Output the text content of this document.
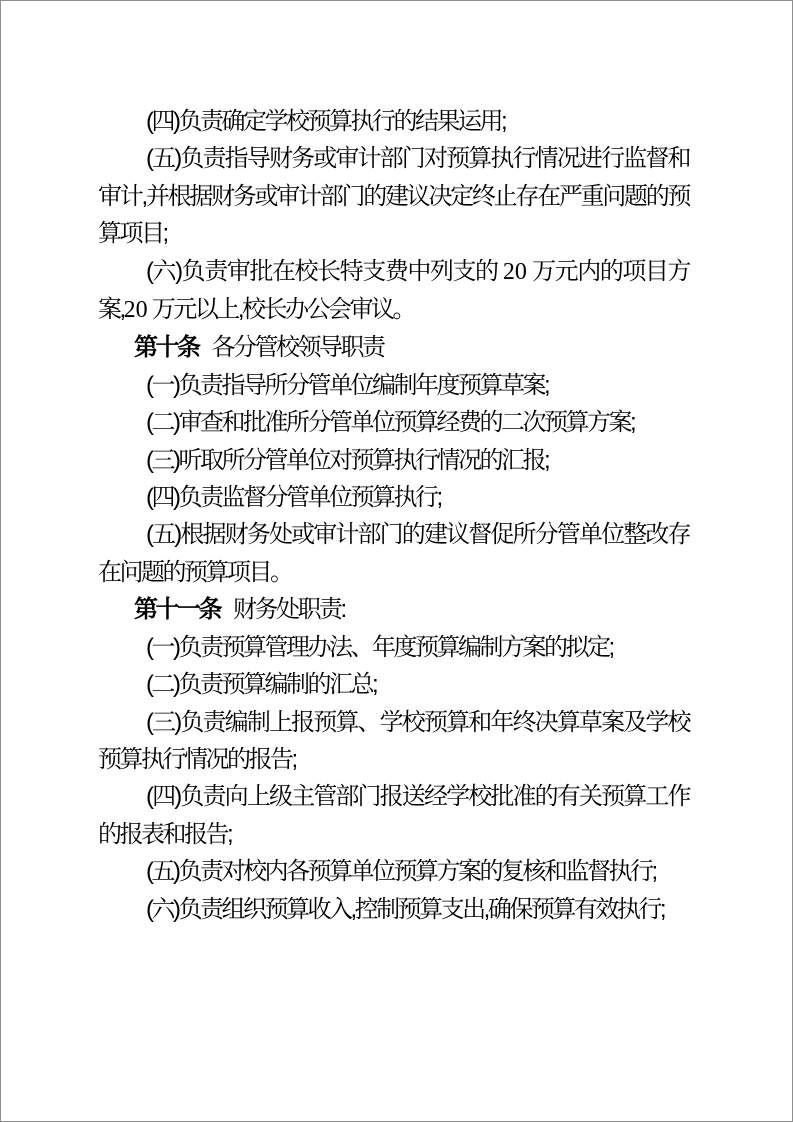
(四)负责确定学校预算执行的结果运用;

(五)负责指导财务或审计部门对预算执行情况进行监督和审计,并根据财务或审计部门的建议决定终止存在严重问题的预算项目;

(六)负责审批在校长特支费中列支的 20 万元内的项目方案,20 万元以上,校长办公会审议。

第十条 各分管校领导职责

(一)负责指导所分管单位编制年度预算草案;

(二)审查和批准所分管单位预算经费的二次预算方案;

(三)听取所分管单位对预算执行情况的汇报;

(四)负责监督分管单位预算执行;

(五)根据财务处或审计部门的建议督促所分管单位整改存在问题的预算项目。

第十一条 财务处职责:

(一)负责预算管理办法、年度预算编制方案的拟定;

(二)负责预算编制的汇总;

(三)负责编制上报预算、学校预算和年终决算草案及学校预算执行情况的报告;

(四)负责向上级主管部门报送经学校批准的有关预算工作的报表和报告;

(五)负责对校内各预算单位预算方案的复核和监督执行;

(六)负责组织预算收入,控制预算支出,确保预算有效执行;
